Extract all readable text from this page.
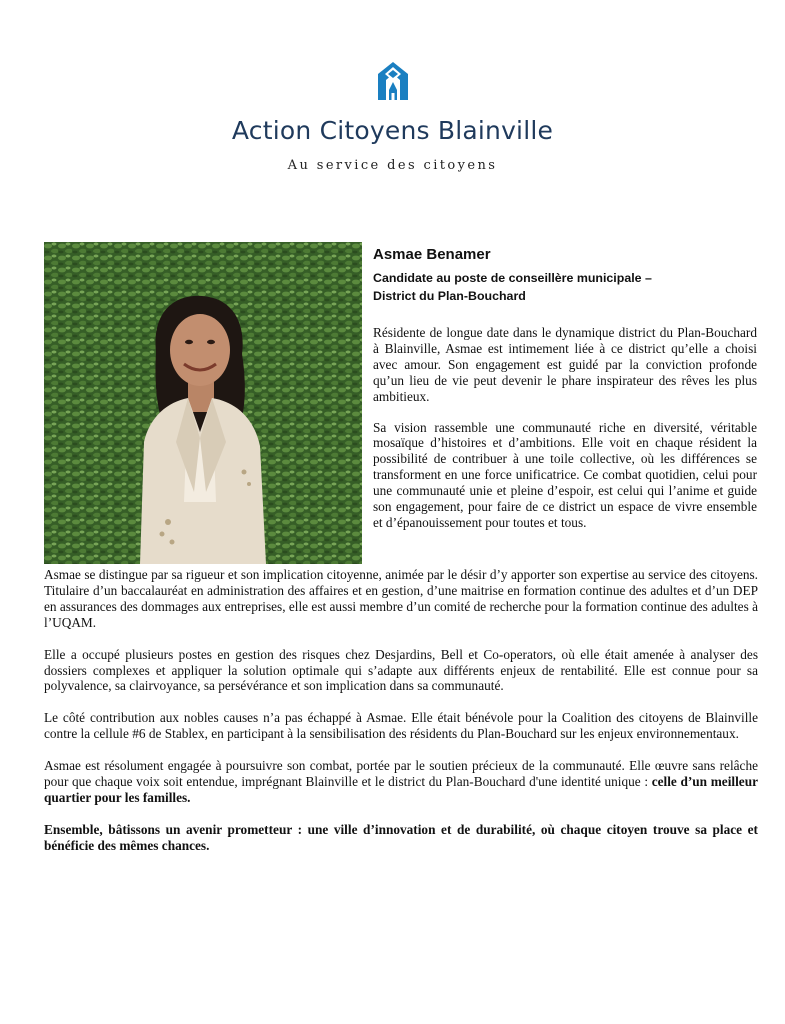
Action Citoyens Blainville
Au service des citoyens
Asmae Benamer
Candidate au poste de conseillère municipale –
District du Plan-Bouchard

Résidente de longue date dans le dynamique district du Plan-Bouchard à Blainville, Asmae est intimement liée à ce district qu’elle a choisi avec amour. Son engagement est guidé par la conviction profonde qu’un lieu de vie peut devenir le phare inspirateur des rêves les plus ambitieux.

Sa vision rassemble une communauté riche en diversité, véritable mosaïque d’histoires et d’ambitions. Elle voit en chaque résident la possibilité de contribuer à une toile collective, où les différences se transforment en une force unificatrice. Ce combat quotidien, celui pour une communauté unie et pleine d’espoir, est celui qui l’anime et guide son engagement, pour faire de ce district un espace de vivre ensemble et d’épanouissement pour toutes et tous.

Asmae se distingue par sa rigueur et son implication citoyenne, animée par le désir d’y apporter son expertise au service des citoyens. Titulaire d’un baccalauréat en administration des affaires et en gestion, d’une maitrise en formation continue des adultes et d’un DEP en assurances des dommages aux entreprises, elle est aussi membre d’un comité de recherche pour la formation continue des adultes à l’UQAM.

Elle a occupé plusieurs postes en gestion des risques chez Desjardins, Bell et Co-operators, où elle était amenée à analyser des dossiers complexes et appliquer la solution optimale qui s’adapte aux différents enjeux de rentabilité. Elle est connue pour sa polyvalence, sa clairvoyance, sa persévérance et son implication dans sa communauté.

Le côté contribution aux nobles causes n’a pas échappé à Asmae. Elle était bénévole pour la Coalition des citoyens de Blainville contre la cellule #6 de Stablex, en participant à la sensibilisation des résidents du Plan-Bouchard sur les enjeux environnementaux.

Asmae est résolument engagée à poursuivre son combat, portée par le soutien précieux de la communauté. Elle œuvre sans relâche pour que chaque voix soit entendue, imprégnant Blainville et le district du Plan-Bouchard d'une identité unique : celle d’un meilleur quartier pour les familles.

Ensemble, bâtissons un avenir prometteur : une ville d’innovation et de durabilité, où chaque citoyen trouve sa place et bénéficie des mêmes chances.
